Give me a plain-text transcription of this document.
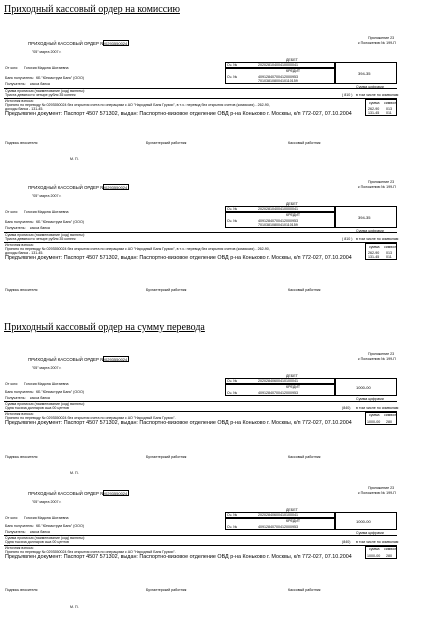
Приходный кассовый ордер на комиссию
Приходный кассовый ордер на сумму перевода
ПРИХОДНЫЙ КАССОВЫЙ ОРДЕР № 0293550024
"05" марта 2007 г.
Приложение 23
к Положению № 199-П
ДЕБЕТ
Сч. №	20202810400410000041
От кого: Гогохия Мадона Шотаевна
КРЕДИТ
Сч. №	40912840700412000953
70103810800410110159
394-35
Банк получатель: КБ "Юниаструм Банк" (ООО)
Получатель: касса банка
Сумма цифрами
Сумма прописью (наименование (код) валюты):
Триста девяносто четыре рубля 35 копеек	( 810 ) в том числе по символам
Источник взноса:	сумма символ
Принято по переводу № 0293550024 без открытия счета по операциям с АО "Народный Банк Грузии", в т.ч.: перевод без открытия счетов (комиссия) - 262-90,
доходы банка - 131-45.	262-90 013
Предъявлен документ: Паспорт 4507 571302, выдан: Паспортно-визовое отделение ОВД р-на Коньково г. Москвы, к/п 772-027, 07.10.2004	131-45 011
Подпись вносителя	Бухгалтерский работник	Кассовый работник
М. П.
ПРИХОДНЫЙ КАССОВЫЙ ОРДЕР № 0293550024
"05" марта 2007 г.
Приложение 23
к Положению № 199-П
ДЕБЕТ
Сч. №	20202810400410000041
От кого: Гогохия Мадона Шотаевна
КРЕДИТ
Сч. №	40912840700412000953
70103810800410110159
394-35
Банк получатель: КБ "Юниаструм Банк" (ООО)
Получатель: касса банка
Сумма цифрами
Сумма прописью (наименование (код) валюты):
Триста девяносто четыре рубля 35 копеек	( 810 ) в том числе по символам
Источник взноса:	сумма символ
Принято по переводу № 0293550024 без открытия счета по операциям с АО "Народный Банк Грузии", в т.ч.: перевод без открытия счетов (комиссия) - 262-90,
доходы банка - 131-45.	262-90 013
Предъявлен документ: Паспорт 4507 571302, выдан: Паспортно-визовое отделение ОВД р-на Коньково г. Москвы, к/п 772-027, 07.10.2004	131-45 011
Подпись вносителя	Бухгалтерский работник	Кассовый работник
ПРИХОДНЫЙ КАССОВЫЙ ОРДЕР № 0293550024
"05" марта 2007 г.
Приложение 23
к Положению № 199-П
ДЕБЕТ
Сч. №	20202840600410100041
От кого: Гогохия Мадона Шотаевна
КРЕДИТ
Сч. №	40912840700412000953
1000-00
Банк получатель: КБ "Юниаструм Банк" (ООО)
Получатель: касса банка	Сумма цифрами
Сумма прописью (наименование (код) валюты):
Одна тысяча долларов сша 00 центов	(840) в том числе по символам
Источник взноса:	сумма символ
Принято по переводу № 0293550024 без открытия счета по операциям с АО "Народный Банк Грузии".
Предъявлен документ: Паспорт 4507 571302, выдан: Паспортно-визовое отделение ОВД р-на Коньково г. Москвы, к/п 772-027, 07.10.2004	1000-00 280
Подпись вносителя	Бухгалтерский работник	Кассовый работник
М. П.
ПРИХОДНЫЙ КАССОВЫЙ ОРДЕР № 0293550024
"05" марта 2007 г.
Приложение 23
к Положению № 199-П
ДЕБЕТ
Сч. №	20202840600410100041
От кого: Гогохия Мадона Шотаевна
КРЕДИТ
Сч. №	40912840700412000953
1000-00
Банк получатель: КБ "Юниаструм Банк" (ООО)
Получатель: касса банка	Сумма цифрами
Сумма прописью (наименование (код) валюты):
Одна тысяча долларов сша 00 центов	(840) в том числе по символам
Источник взноса:	сумма символ
Принято по переводу № 0293550024 без открытия счета по операциям с АО "Народный Банк Грузии".
Предъявлен документ: Паспорт 4507 571302, выдан: Паспортно-визовое отделение ОВД р-на Коньково г. Москвы, к/п 772-027, 07.10.2004	1000-00 280
Подпись вносителя	Бухгалтерский работник	Кассовый работник
М. П.
